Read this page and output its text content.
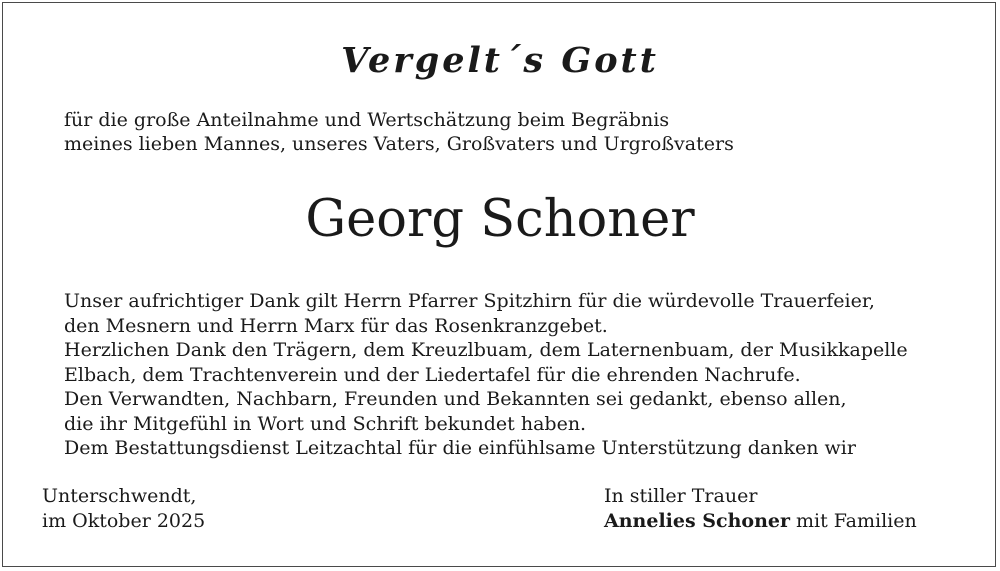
Vergelt´s Gott
für die große Anteilnahme und Wertschätzung beim Begräbnis
meines lieben Mannes, unseres Vaters, Großvaters und Urgroßvaters
Georg Schoner
Unser aufrichtiger Dank gilt Herrn Pfarrer Spitzhirn für die würdevolle Trauerfeier,
den Mesnern und Herrn Marx für das Rosenkranzgebet.
Herzlichen Dank den Trägern, dem Kreuzlbuam, dem Laternenbuam, der Musikkapelle
Elbach, dem Trachtenverein und der Liedertafel für die ehrenden Nachrufe.
Den Verwandten, Nachbarn, Freunden und Bekannten sei gedankt, ebenso allen,
die ihr Mitgefühl in Wort und Schrift bekundet haben.
Dem Bestattungsdienst Leitzachtal für die einfühlsame Unterstützung danken wir
Unterschwendt,
im Oktober 2025
In stiller Trauer
Annelies Schoner mit Familien
